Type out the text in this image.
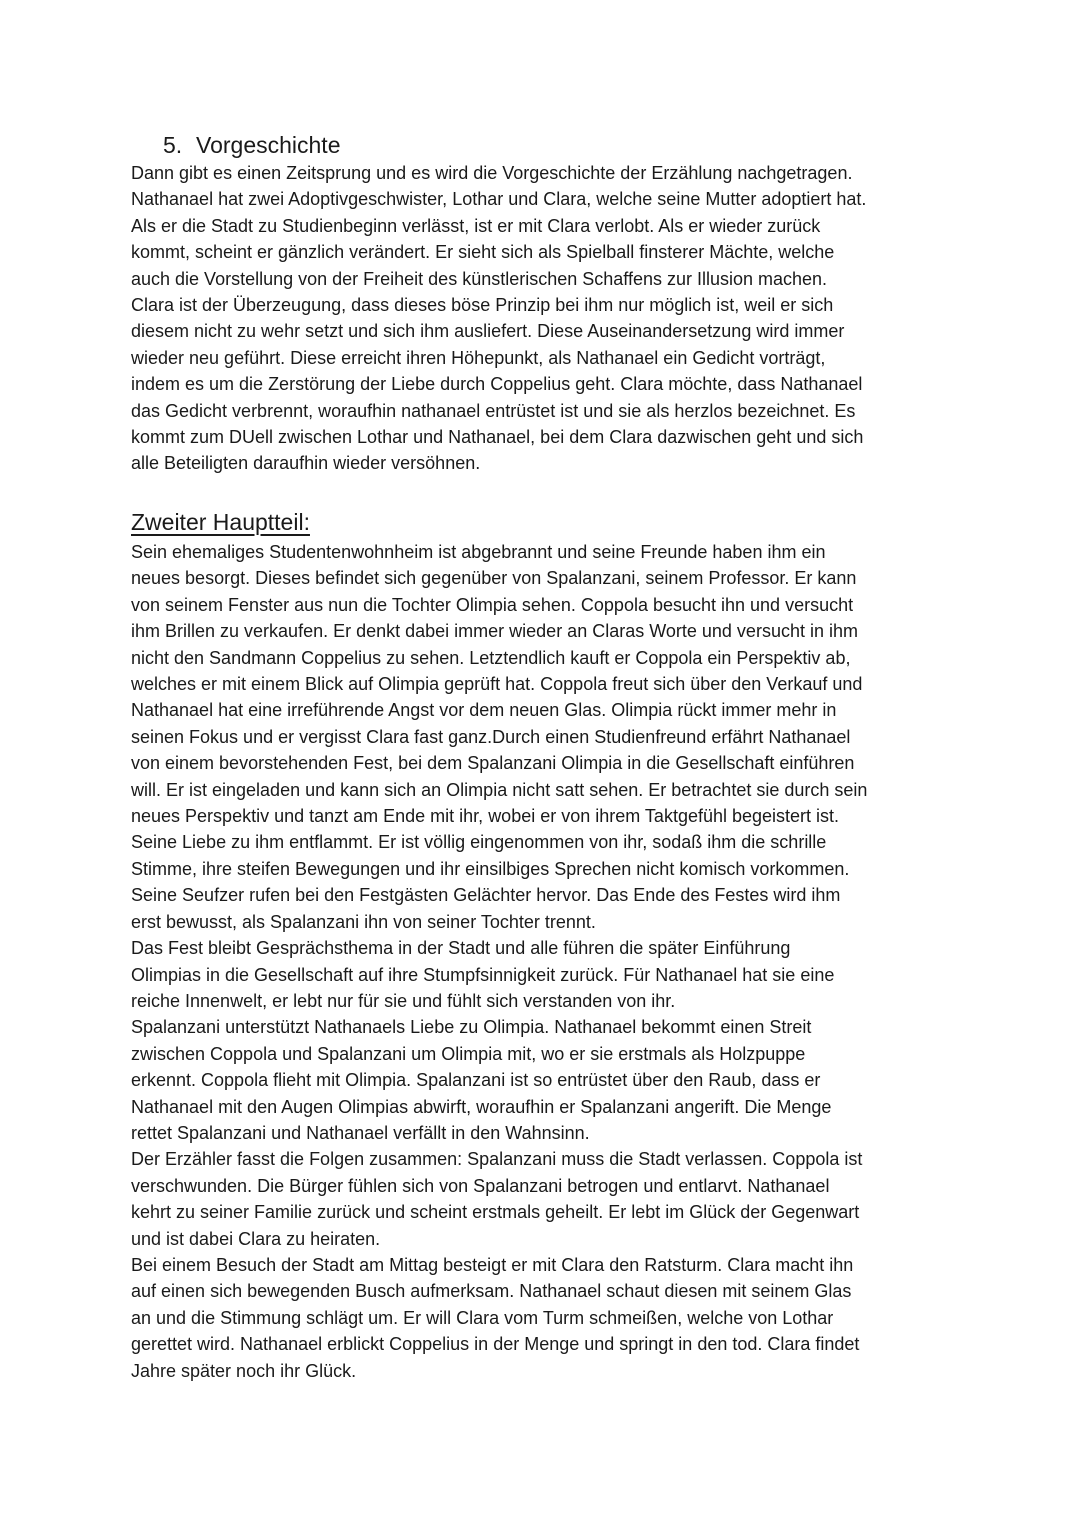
5. Vorgeschichte
Dann gibt es einen Zeitsprung und es wird die Vorgeschichte der Erzählung nachgetragen.
Nathanael hat zwei Adoptivgeschwister, Lothar und Clara, welche seine Mutter adoptiert hat.
Als er die Stadt zu Studienbeginn verlässt, ist er mit Clara verlobt. Als er wieder zurück
kommt, scheint er gänzlich verändert. Er sieht sich als Spielball finsterer Mächte, welche
auch die Vorstellung von der Freiheit des künstlerischen Schaffens zur Illusion machen.
Clara ist der Überzeugung, dass dieses böse Prinzip bei ihm nur möglich ist, weil er sich
diesem nicht zu wehr setzt und sich ihm ausliefert. Diese Auseinandersetzung wird immer
wieder neu geführt. Diese erreicht ihren Höhepunkt, als Nathanael ein Gedicht vorträgt,
indem es um die Zerstörung der Liebe durch Coppelius geht. Clara möchte, dass Nathanael
das Gedicht verbrennt, woraufhin nathanael entrüstet ist und sie als herzlos bezeichnet. Es
kommt zum DUell zwischen Lothar und Nathanael, bei dem Clara dazwischen geht und sich
alle Beteiligten daraufhin wieder versöhnen.
Zweiter Hauptteil:
Sein ehemaliges Studentenwohnheim ist abgebrannt und seine Freunde haben ihm ein
neues besorgt. Dieses befindet sich gegenüber von Spalanzani, seinem Professor. Er kann
von seinem Fenster aus nun die Tochter Olimpia sehen. Coppola besucht ihn und versucht
ihm Brillen zu verkaufen. Er denkt dabei immer wieder an Claras Worte und versucht in ihm
nicht den Sandmann Coppelius zu sehen. Letztendlich kauft er Coppola ein Perspektiv ab,
welches er mit einem Blick auf Olimpia geprüft hat. Coppola freut sich über den Verkauf und
Nathanael hat eine irreführende Angst vor dem neuen Glas. Olimpia rückt immer mehr in
seinen Fokus und er vergisst Clara fast ganz.Durch einen Studienfreund erfährt Nathanael
von einem bevorstehenden Fest, bei dem Spalanzani Olimpia in die Gesellschaft einführen
will. Er ist eingeladen und kann sich an Olimpia nicht satt sehen. Er betrachtet sie durch sein
neues Perspektiv und tanzt am Ende mit ihr, wobei er von ihrem Taktgefühl begeistert ist.
Seine Liebe zu ihm entflammt. Er ist völlig eingenommen von ihr, sodaß ihm die schrille
Stimme, ihre steifen Bewegungen und ihr einsilbiges Sprechen nicht komisch vorkommen.
Seine Seufzer rufen bei den Festgästen Gelächter hervor. Das Ende des Festes wird ihm
erst bewusst, als Spalanzani ihn von seiner Tochter trennt.
Das Fest bleibt Gesprächsthema in der Stadt und alle führen die später Einführung
Olimpias in die Gesellschaft auf ihre Stumpfsinnigkeit zurück. Für Nathanael hat sie eine
reiche Innenwelt, er lebt nur für sie und fühlt sich verstanden von ihr.
Spalanzani unterstützt Nathanaels Liebe zu Olimpia. Nathanael bekommt einen Streit
zwischen Coppola und Spalanzani um Olimpia mit, wo er sie erstmals als Holzpuppe
erkennt. Coppola flieht mit Olimpia. Spalanzani ist so entrüstet über den Raub, dass er
Nathanael mit den Augen Olimpias abwirft, woraufhin er Spalanzani angerift. Die Menge
rettet Spalanzani und Nathanael verfällt in den Wahnsinn.
Der Erzähler fasst die Folgen zusammen: Spalanzani muss die Stadt verlassen. Coppola ist
verschwunden. Die Bürger fühlen sich von Spalanzani betrogen und entlarvt. Nathanael
kehrt zu seiner Familie zurück und scheint erstmals geheilt. Er lebt im Glück der Gegenwart
und ist dabei Clara zu heiraten.
Bei einem Besuch der Stadt am Mittag besteigt er mit Clara den Ratsturm. Clara macht ihn
auf einen sich bewegenden Busch aufmerksam. Nathanael schaut diesen mit seinem Glas
an und die Stimmung schlägt um. Er will Clara vom Turm schmeißen, welche von Lothar
gerettet wird. Nathanael erblickt Coppelius in der Menge und springt in den tod. Clara findet
Jahre später noch ihr Glück.
